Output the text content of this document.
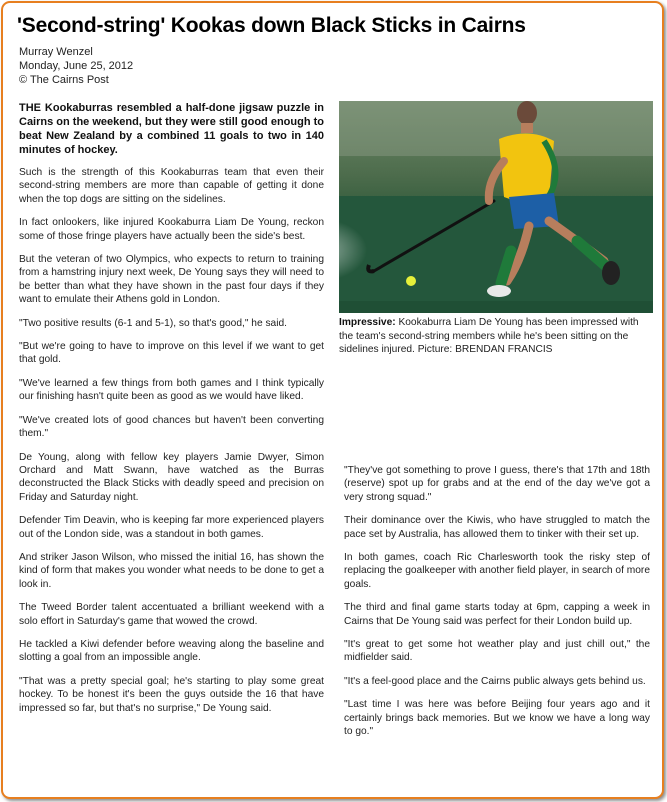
'Second-string' Kookas down Black Sticks in Cairns
Murray Wenzel
Monday, June 25, 2012
© The Cairns Post

THE Kookaburras resembled a half-done jigsaw puzzle in Cairns on the weekend, but they were still good enough to beat New Zealand by a combined 11 goals to two in 140 minutes of hockey.

Such is the strength of this Kookaburras team that even their second-string members are more than capable of getting it done when the top dogs are sitting on the sidelines.

In fact onlookers, like injured Kookaburra Liam De Young, reckon some of those fringe players have actually been the side's best.

But the veteran of two Olympics, who expects to return to training from a hamstring injury next week, De Young says they will need to be better than what they have shown in the past four days if they want to emulate their Athens gold in London.

"Two positive results (6-1 and 5-1), so that's good," he said.

"But we're going to have to improve on this level if we want to get that gold.

"We've learned a few things from both games and I think typically our finishing hasn't quite been as good as we would have liked.

"We've created lots of good chances but haven't been converting them."

De Young, along with fellow key players Jamie Dwyer, Simon Orchard and Matt Swann, have watched as the Burras deconstructed the Black Sticks with deadly speed and precision on Friday and Saturday night.

Defender Tim Deavin, who is keeping far more experienced players out of the London side, was a standout in both games.

And striker Jason Wilson, who missed the initial 16, has shown the kind of form that makes you wonder what needs to be done to get a look in.

The Tweed Border talent accentuated a brilliant weekend with a solo effort in Saturday's game that wowed the crowd.

He tackled a Kiwi defender before weaving along the baseline and slotting a goal from an impossible angle.

"That was a pretty special goal; he's starting to play some great hockey. To be honest it's been the guys outside the 16 that have impressed so far, but that's no surprise," De Young said.

Impressive: Kookaburra Liam De Young has been impressed with the team's second-string members while he's been sitting on the sidelines injured. Picture: BRENDAN FRANCIS

"They've got something to prove I guess, there's that 17th and 18th (reserve) spot up for grabs and at the end of the day we've got a very strong squad."

Their dominance over the Kiwis, who have struggled to match the pace set by Australia, has allowed them to tinker with their set up.

In both games, coach Ric Charlesworth took the risky step of replacing the goalkeeper with another field player, in search of more goals.

The third and final game starts today at 6pm, capping a week in Cairns that De Young said was perfect for their London build up.

"It's great to get some hot weather play and just chill out," the midfielder said.

"It's a feel-good place and the Cairns public always gets behind us.

"Last time I was here was before Beijing four years ago and it certainly brings back memories. But we know we have a long way to go."
